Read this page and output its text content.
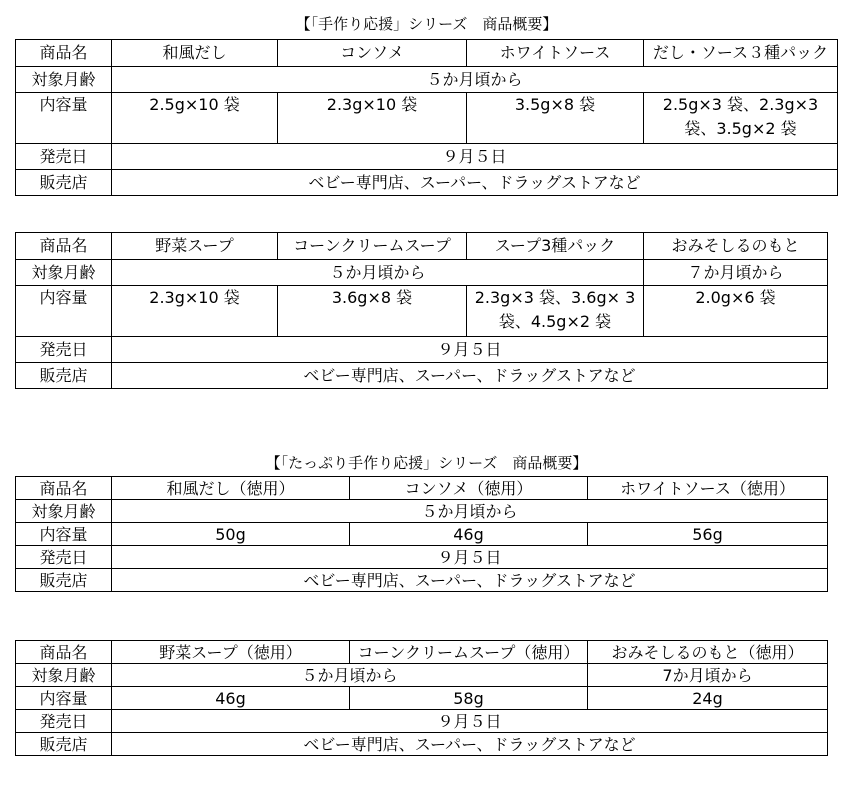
【「手作り応援」シリーズ　商品概要】
商品名	和風だし	コンソメ	ホワイトソース	だし・ソース３種パック
対象月齢	５か月頃から			
内容量	2.5g×10 袋	2.3g×10 袋	3.5g×8 袋	2.5g×3 袋、2.3g×3 袋、3.5g×2 袋
発売日	９月５日			
販売店	ベビー専門店、スーパー、ドラッグストアなど			
商品名	野菜スープ	コーンクリームスープ	スープ3種パック	おみそしるのもと
対象月齢	５か月頃から			７か月頃から
内容量	2.3g×10 袋	3.6g×8 袋	2.3g×3 袋、3.6g× 3 袋、4.5g×2 袋	2.0g×6 袋
発売日	９月５日			
販売店	ベビー専門店、スーパー、ドラッグストアなど			
【「たっぷり手作り応援」シリーズ　商品概要】
商品名	和風だし（徳用）	コンソメ（徳用）	ホワイトソース（徳用）
対象月齢	５か月頃から		
内容量	50g	46g	56g
発売日	９月５日		
販売店	ベビー専門店、スーパー、ドラッグストアなど		
商品名	野菜スープ（徳用）	コーンクリームスープ（徳用）	おみそしるのもと（徳用）
対象月齢	５か月頃から		7か月頃から
内容量	46g	58g	24g
発売日	９月５日		
販売店	ベビー専門店、スーパー、ドラッグストアなど		
